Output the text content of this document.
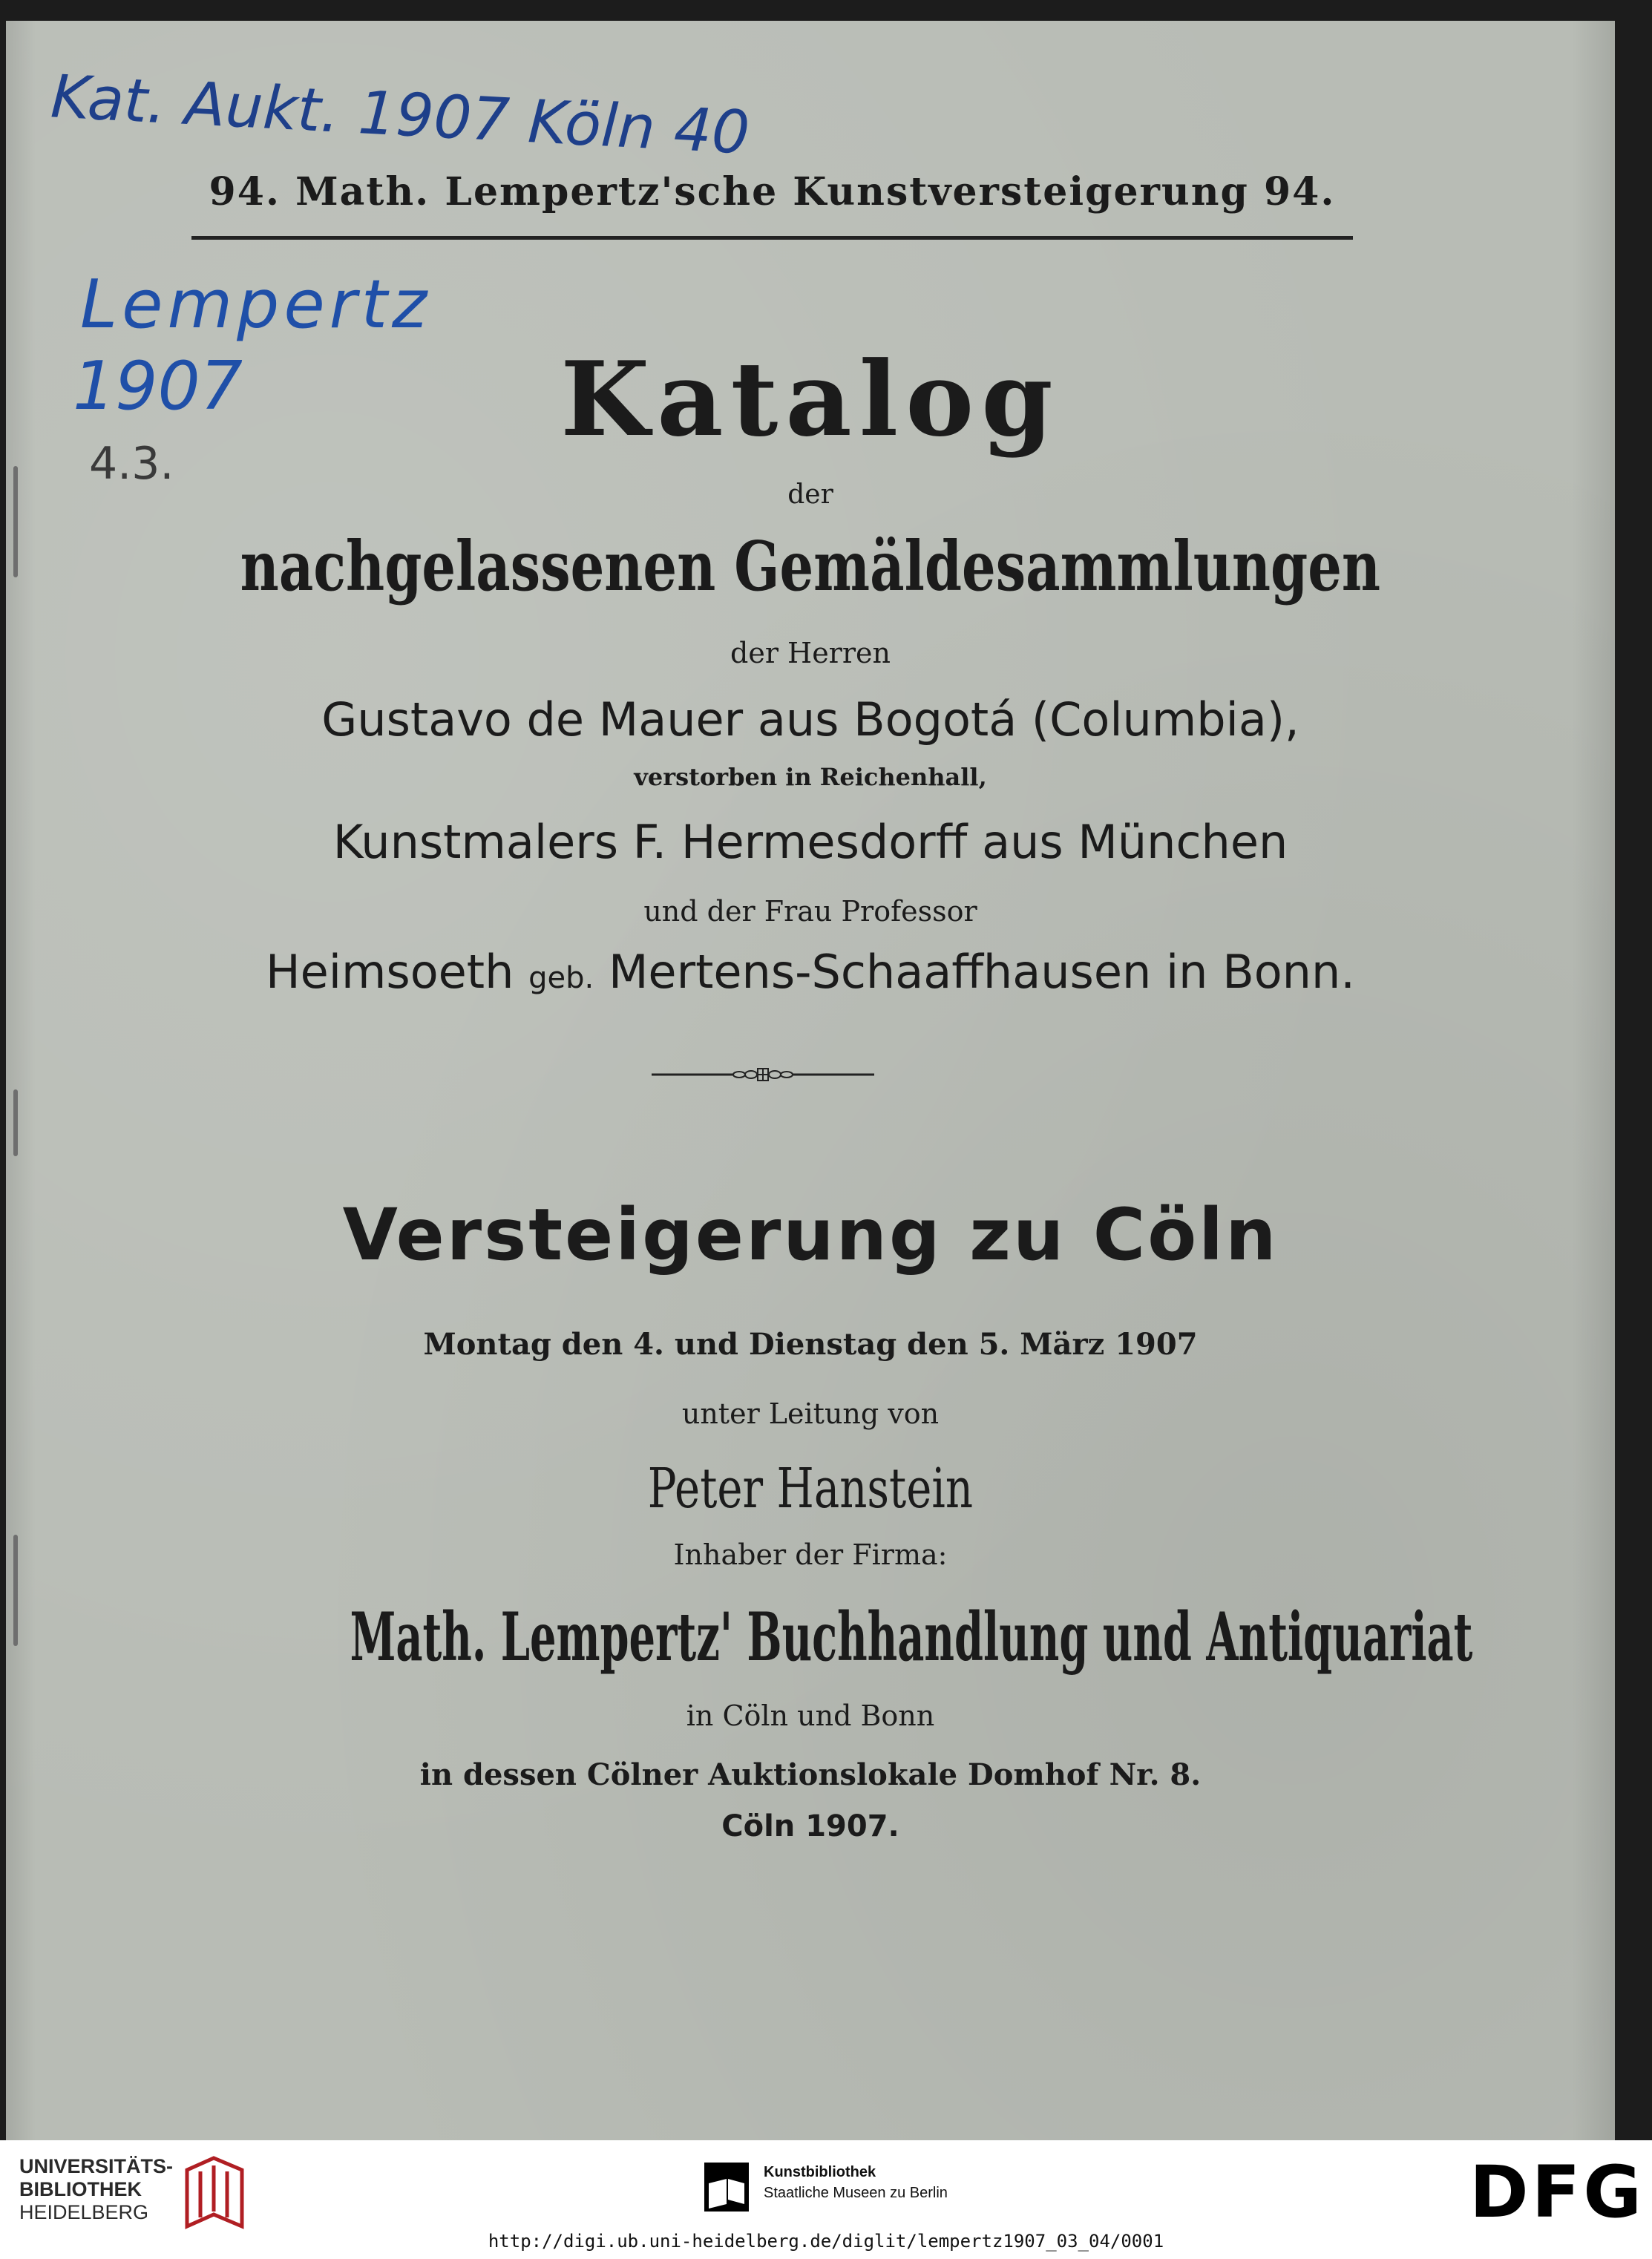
Kat. Aukt. 1907 Köln 40
Lempertz
1907
4.3.
94. Math. Lempertz'sche Kunstversteigerung 94.
Katalog
der
nachgelassenen Gemäldesammlungen
der Herren
Gustavo de Mauer aus Bogotá (Columbia),
verstorben in Reichenhall,
Kunstmalers F. Hermesdorff aus München
und der Frau Professor
Heimsoeth geb. Mertens-Schaaffhausen in Bonn.
Versteigerung zu Cöln
Montag den 4. und Dienstag den 5. März 1907
unter Leitung von
Peter Hanstein
Inhaber der Firma:
Math. Lempertz' Buchhandlung und Antiquariat
in Cöln und Bonn
in dessen Cölner Auktionslokale Domhof Nr. 8.
Cöln 1907.
UNIVERSITÄTS-
BIBLIOTHEK
HEIDELBERG
Kunstbibliothek
Staatliche Museen zu Berlin	DFG
http://digi.ub.uni-heidelberg.de/diglit/lempertz1907_03_04/0001
